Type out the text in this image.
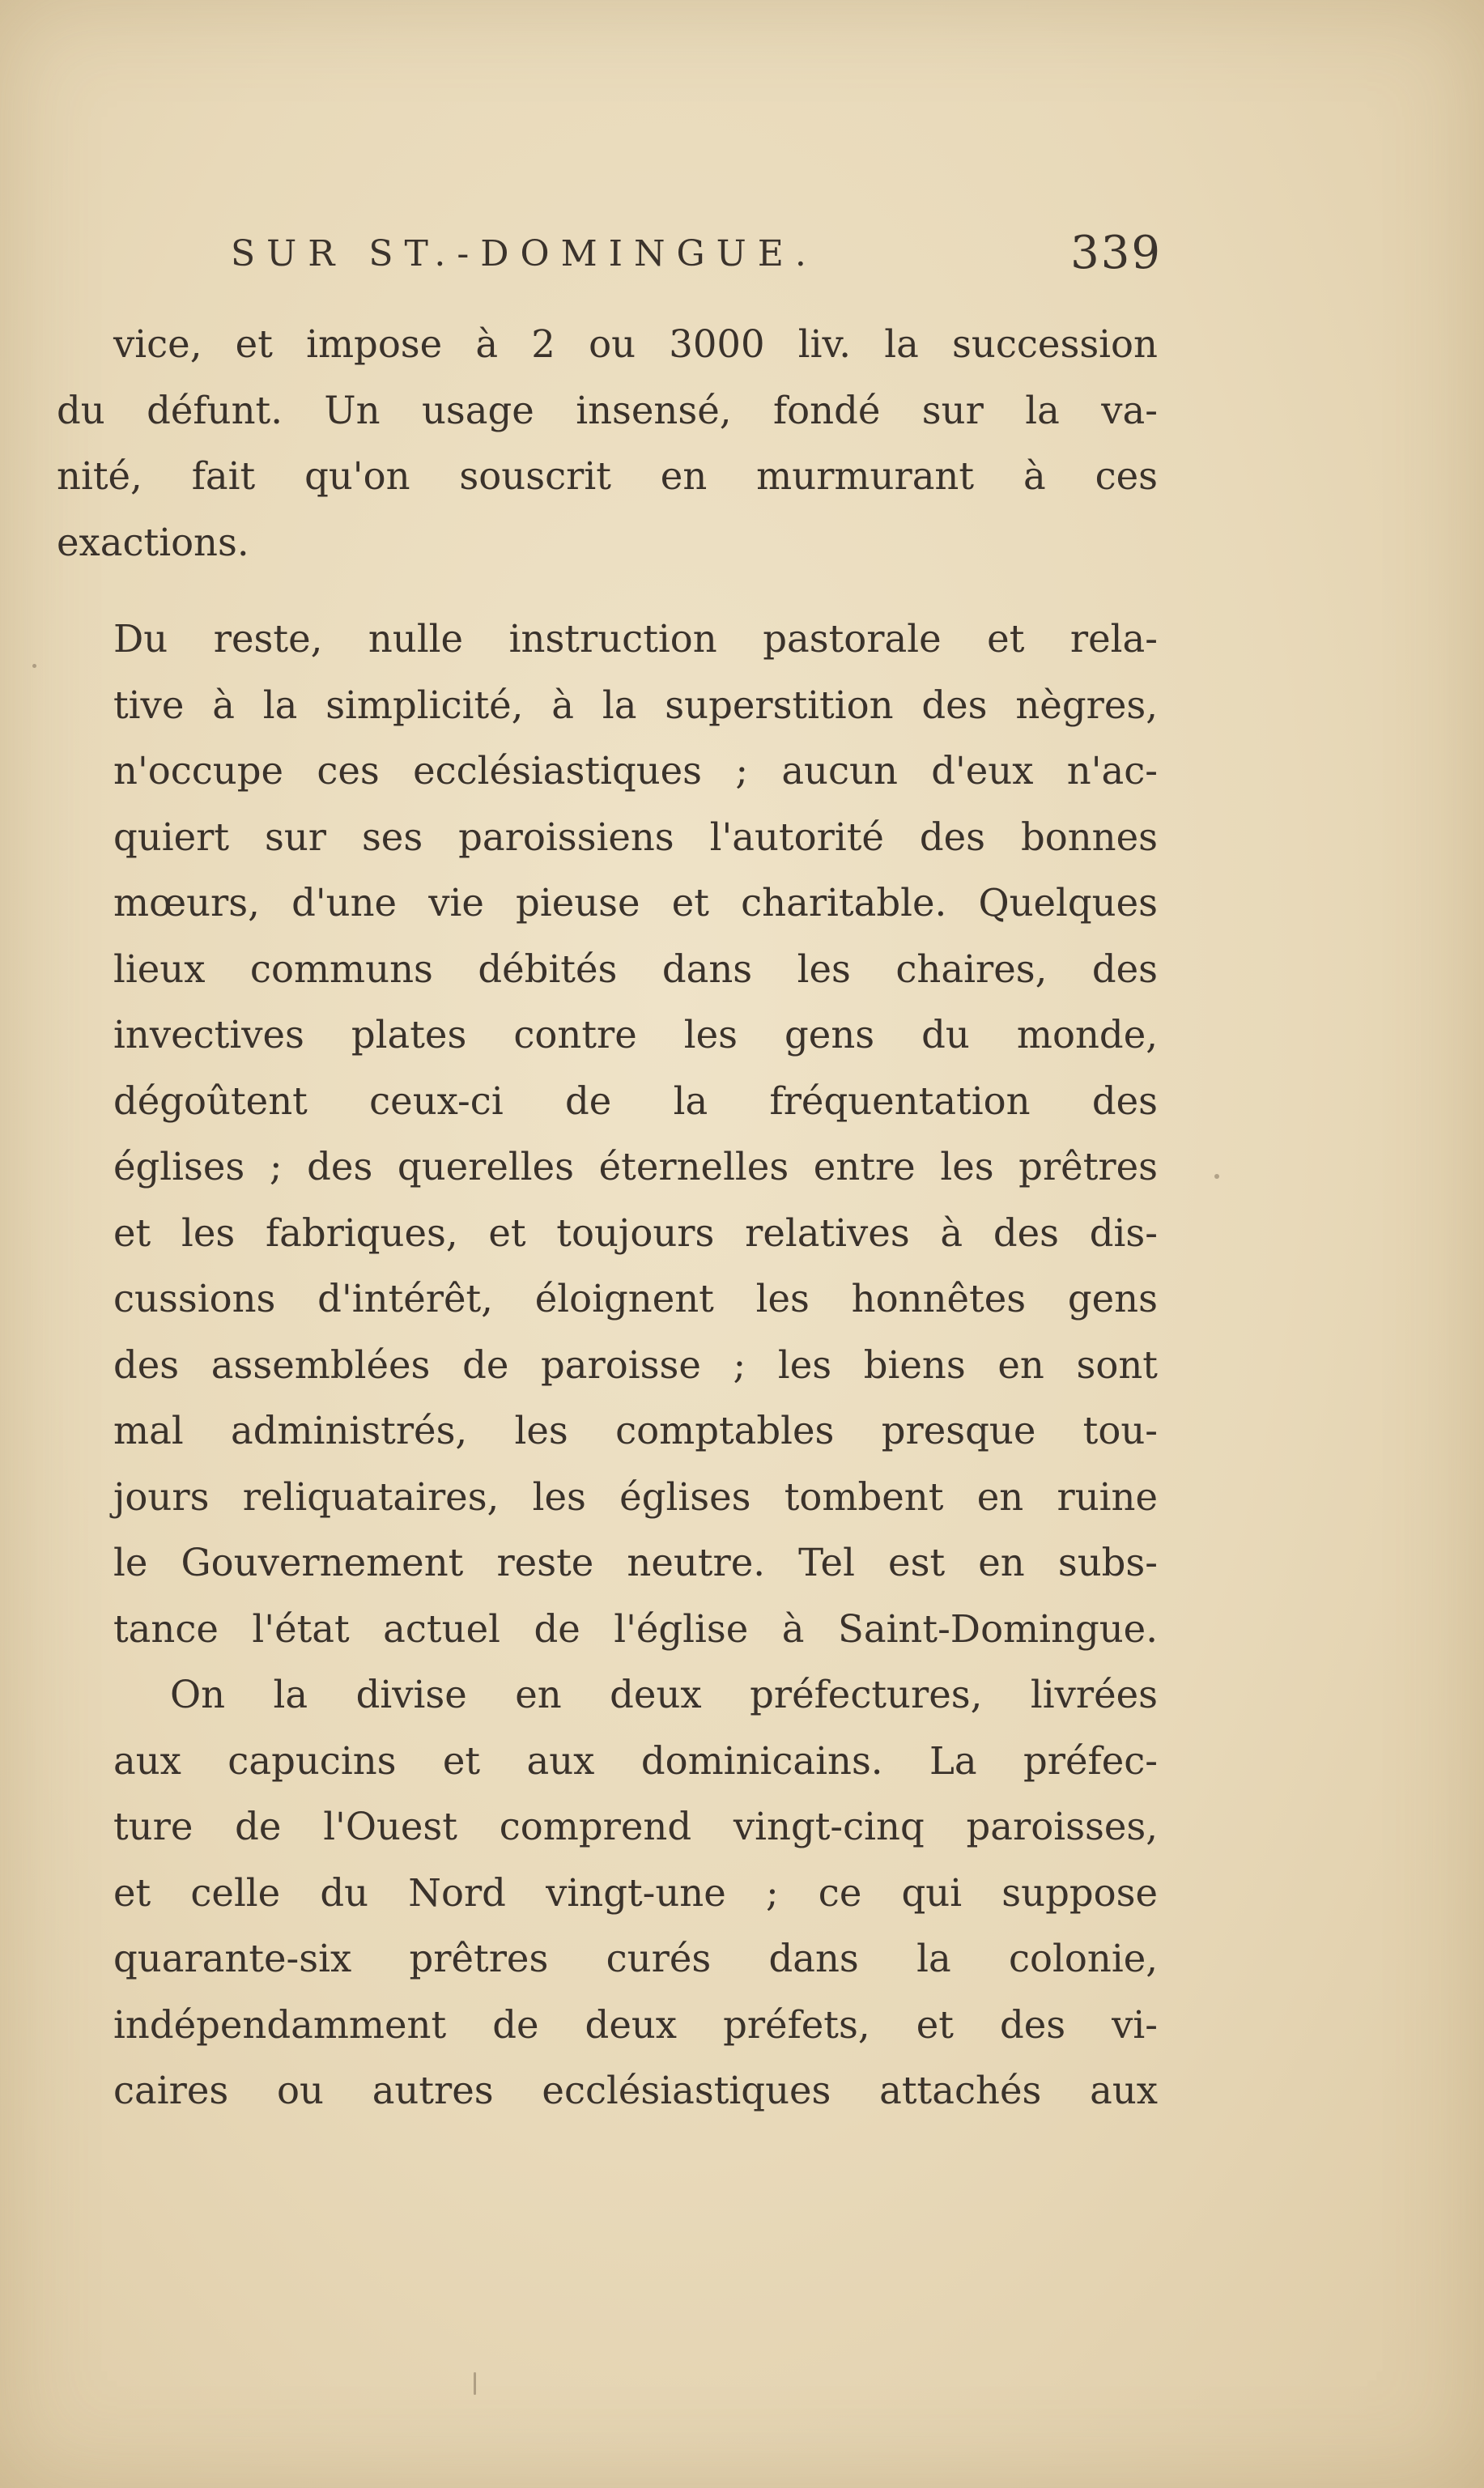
SUR ST.-DOMINGUE.	339
vice, et impose à 2 ou 3000 liv. la succession
du défunt. Un usage insensé, fondé sur la va-
nité, fait qu'on souscrit en murmurant à ces
exactions.
Du reste, nulle instruction pastorale et rela-
tive à la simplicité, à la superstition des nègres,
n'occupe ces ecclésiastiques ; aucun d'eux n'ac-
quiert sur ses paroissiens l'autorité des bonnes
mœurs, d'une vie pieuse et charitable. Quelques
lieux communs débités dans les chaires, des
invectives plates contre les gens du monde,
dégoûtent ceux-ci de la fréquentation des
églises ; des querelles éternelles entre les prêtres
et les fabriques, et toujours relatives à des dis-
cussions d'intérêt, éloignent les honnêtes gens
des assemblées de paroisse ; les biens en sont
mal administrés, les comptables presque tou-
jours reliquataires, les églises tombent en ruine
le Gouvernement reste neutre. Tel est en subs-
tance l'état actuel de l'église à Saint-Domingue.
On la divise en deux préfectures, livrées
aux capucins et aux dominicains. La préfec-
ture de l'Ouest comprend vingt-cinq paroisses,
et celle du Nord vingt-une ; ce qui suppose
quarante-six prêtres curés dans la colonie,
indépendamment de deux préfets, et des vi-
caires ou autres ecclésiastiques attachés aux
